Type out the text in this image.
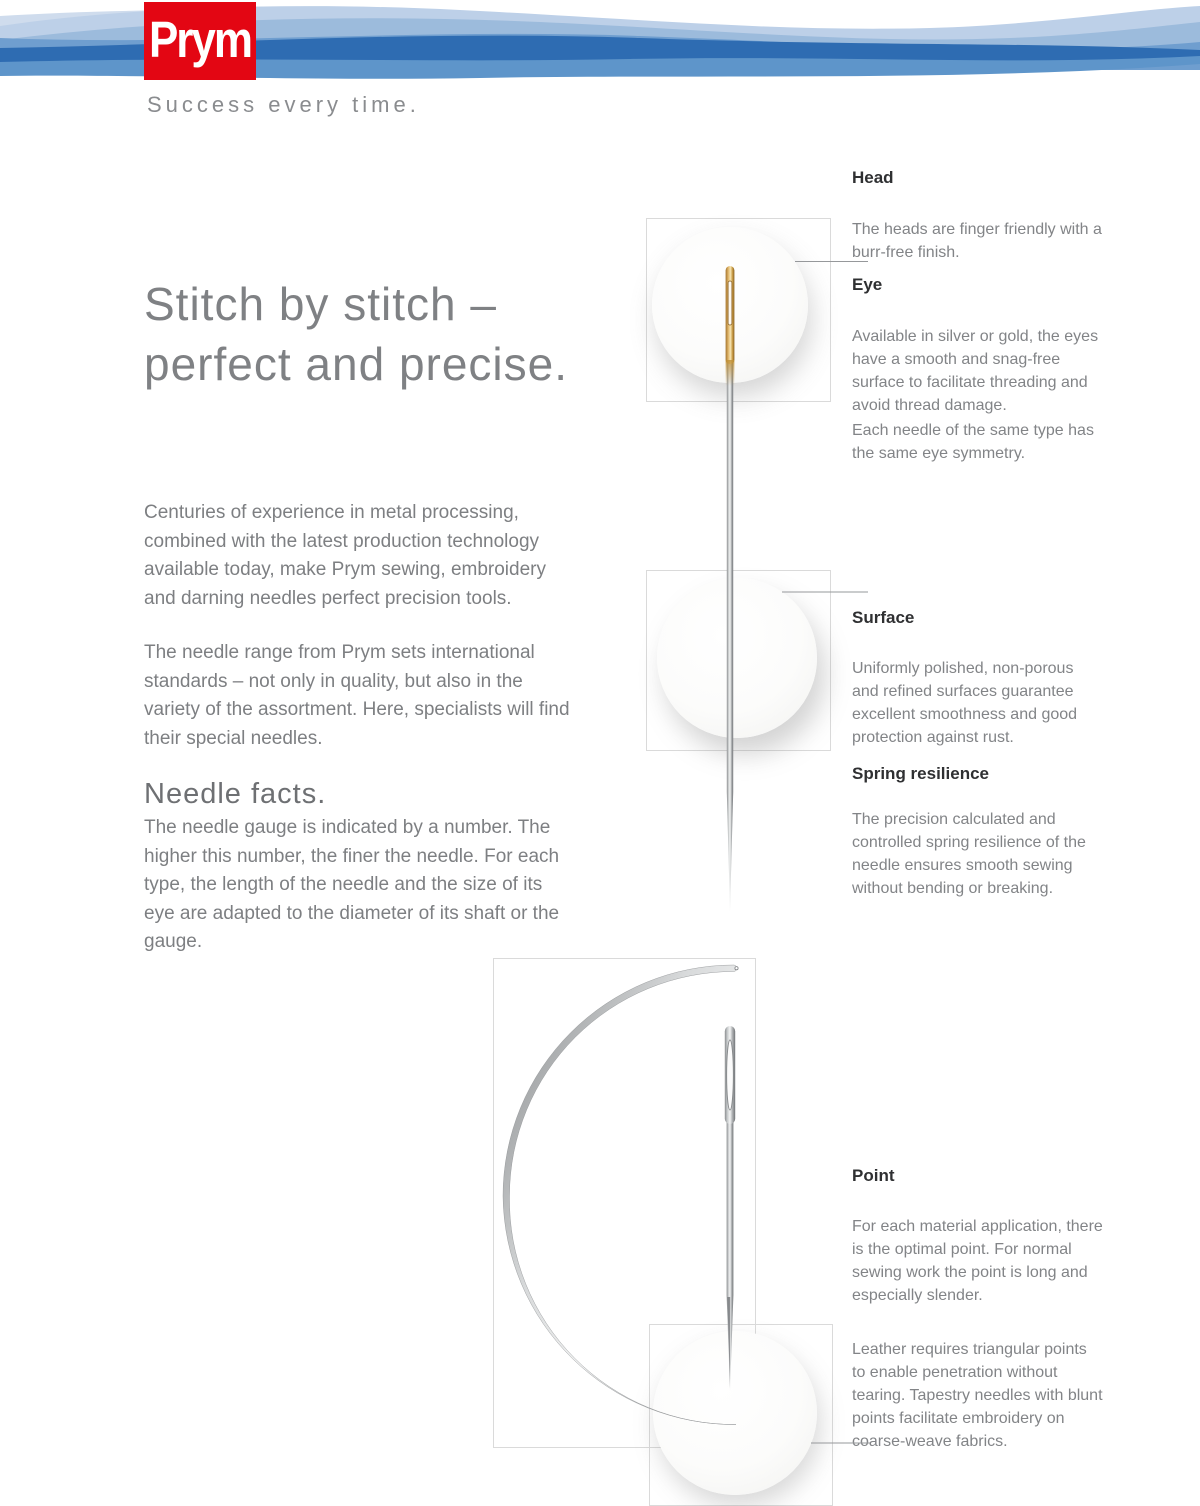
Prym
Success every time.
Stitch by stitch –
perfect and precise.

Centuries of experience in metal processing, combined with the latest production technology available today, make Prym sewing, embroidery and darning needles perfect precision tools.

The needle range from Prym sets international standards – not only in quality, but also in the variety of the assortment. Here, specialists will find their special needles.

Needle facts.

The needle gauge is indicated by a number. The higher this number, the finer the needle. For each type, the length of the needle and the size of its eye are adapted to the diameter of its shaft or the gauge.

Head

The heads are finger friendly with a burr-free finish.

Eye

Available in silver or gold, the eyes have a smooth and snag-free surface to facilitate threading and avoid thread damage.

Each needle of the same type has the same eye symmetry.

Surface

Uniformly polished, non-porous and refined surfaces guarantee excellent smoothness and good protection against rust.

Spring resilience

The precision calculated and controlled spring resilience of the needle ensures smooth sewing without bending or breaking.

Point

For each material application, there is the optimal point. For normal sewing work the point is long and especially slender.

Leather requires triangular points to enable penetration without tearing. Tapestry needles with blunt points facilitate embroidery on coarse-weave fabrics.
